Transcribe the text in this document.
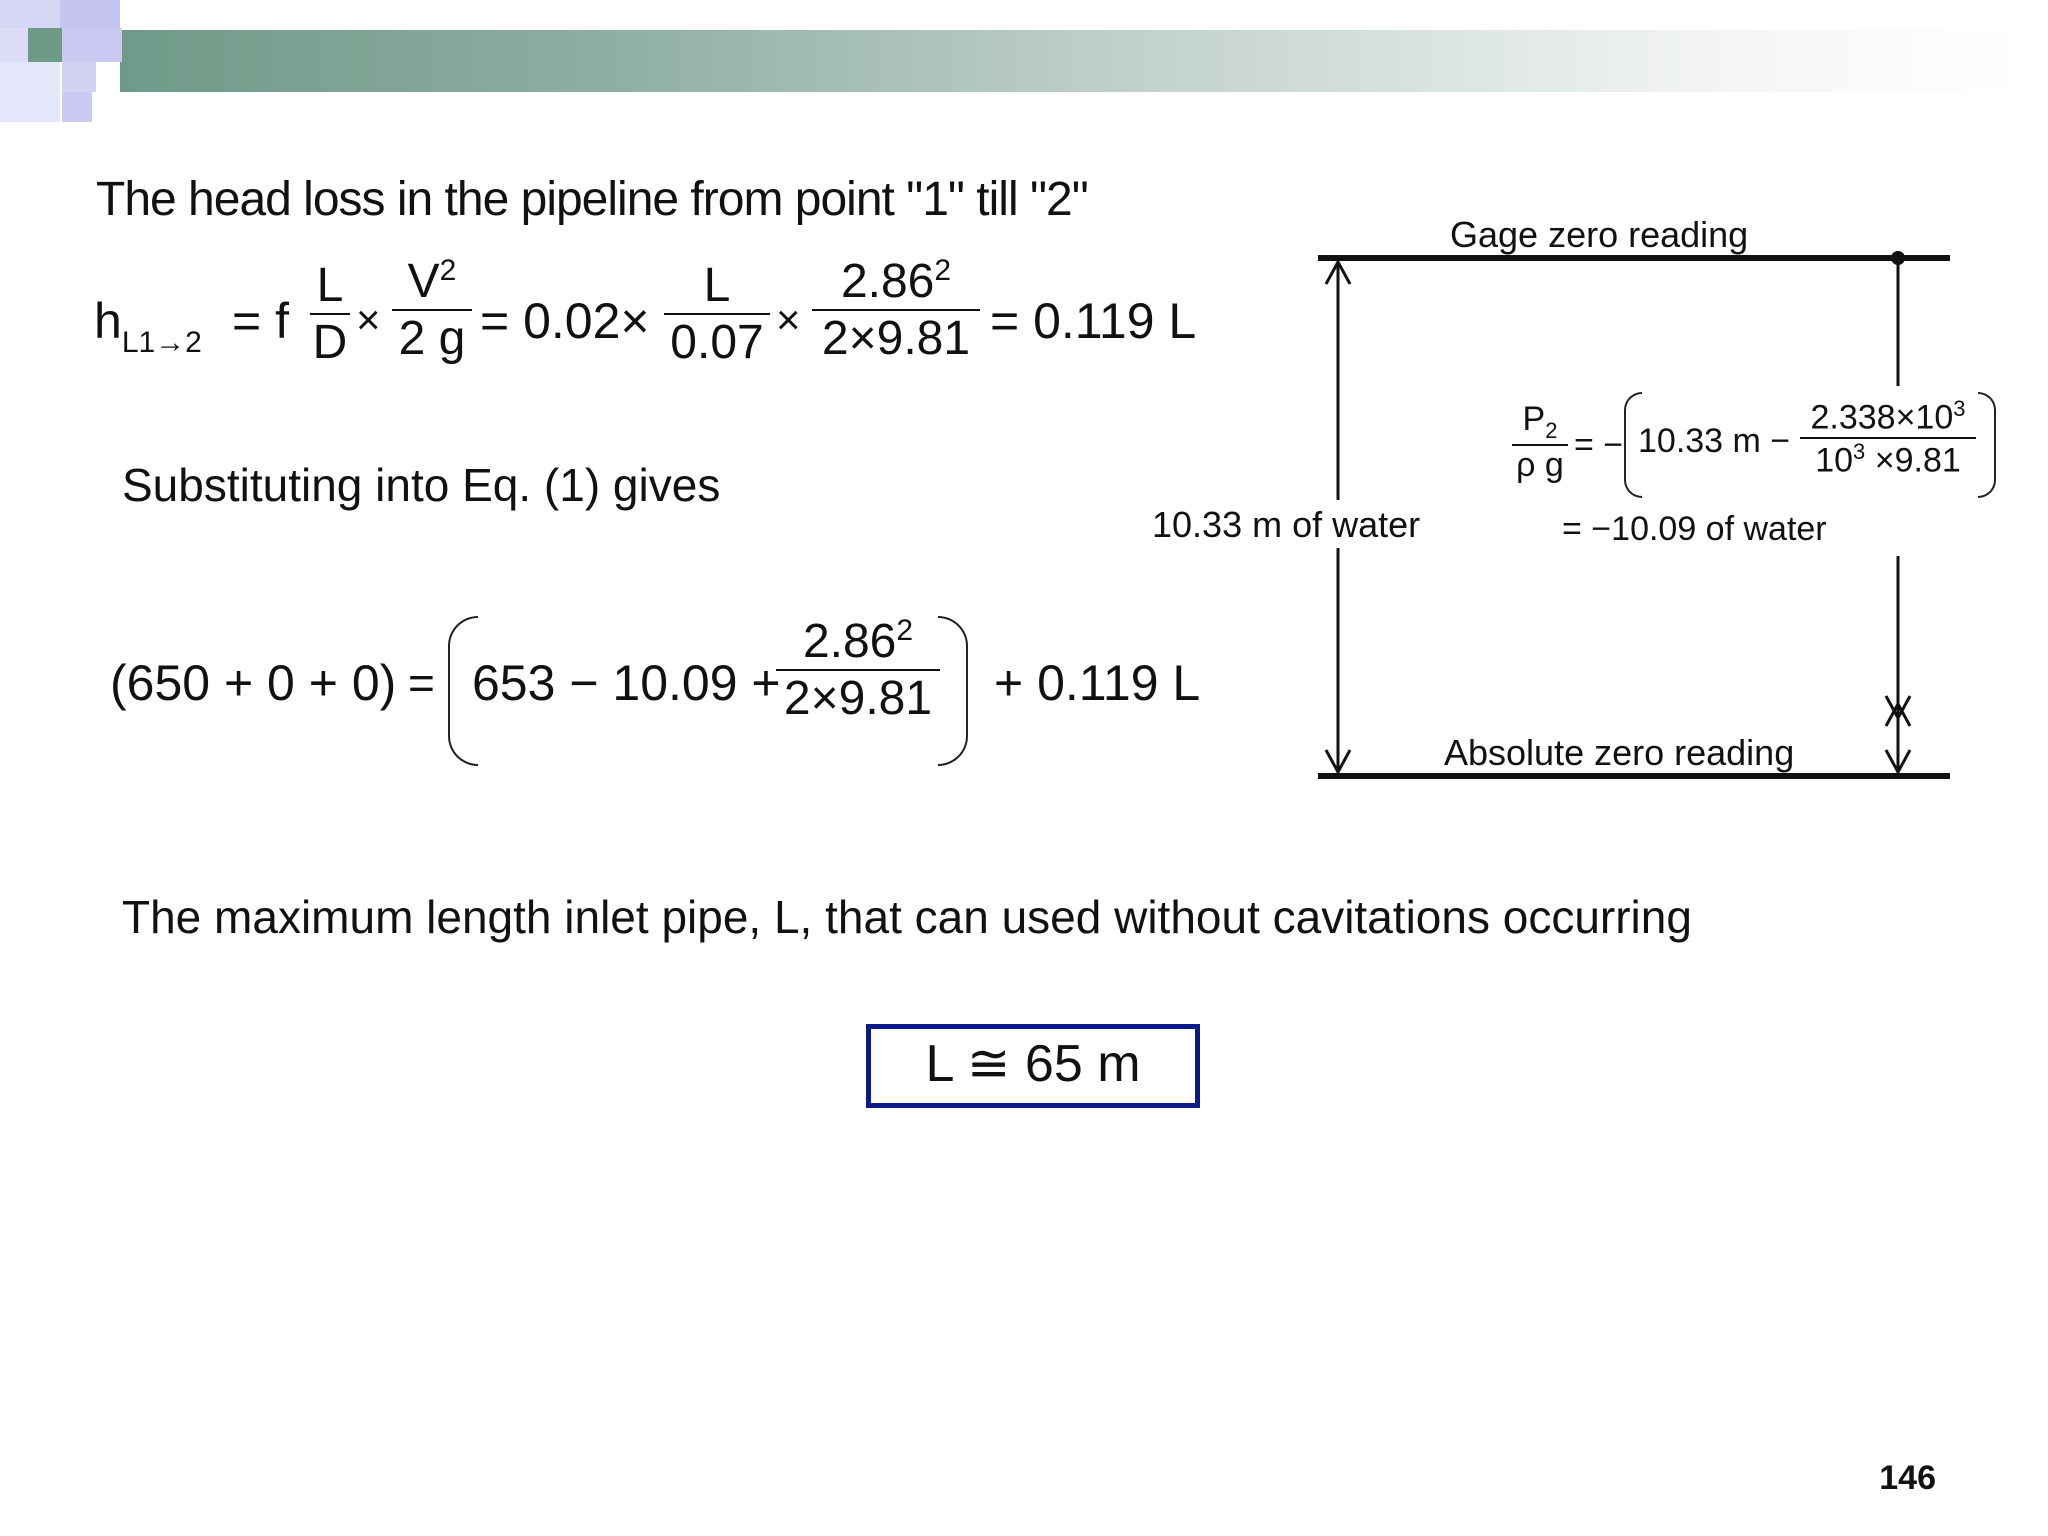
The head loss in the pipeline from point "1" till "2"
$h_{L1\to 2} = f$
L
D ×
$V^2$
2 g = 0.02×
L
0.07 ×
$2.86^2$
2×9.81 = 0.119 L
Substituting into Eq. (1) gives
(650 + 0 + 0) = 653 − 10.09 +
$2.86^2$
2×9.81 + 0.119 L
The maximum length inlet pipe, L, that can used without cavitations occurring
L ≅ 65 m
Gage zero reading
Absolute zero reading
10.33 m of water
$P_2$
ρ g
= − 10.33 m −
$2.338\times 10^3$
$10^3 \times 9.81$
= −10.09 of water
146
